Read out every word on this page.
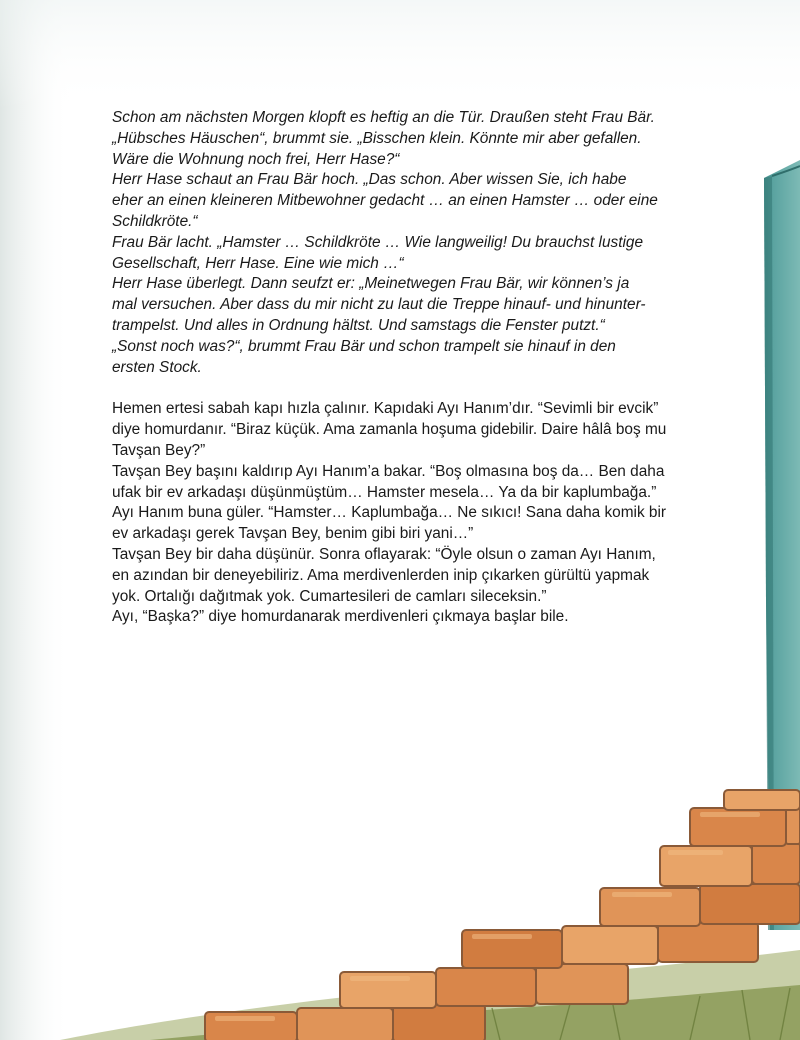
Schon am nächsten Morgen klopft es heftig an die Tür. Draußen steht Frau Bär.
„Hübsches Häuschen“, brummt sie. „Bisschen klein. Könnte mir aber gefallen.
Wäre die Wohnung noch frei, Herr Hase?“

Herr Hase schaut an Frau Bär hoch. „Das schon. Aber wissen Sie, ich habe
eher an einen kleineren Mitbewohner gedacht … an einen Hamster … oder eine
Schildkröte.“

Frau Bär lacht. „Hamster … Schildkröte … Wie langweilig! Du brauchst lustige
Gesellschaft, Herr Hase. Eine wie mich …“

Herr Hase überlegt. Dann seufzt er: „Meinetwegen Frau Bär, wir können’s ja
mal versuchen. Aber dass du mir nicht zu laut die Treppe hinauf- und hinunter-
trampelst. Und alles in Ordnung hältst. Und samstags die Fenster putzt.“

„Sonst noch was?“, brummt Frau Bär und schon trampelt sie hinauf in den
ersten Stock.

Hemen ertesi sabah kapı hızla çalınır. Kapıdaki Ayı Hanım’dır. “Sevimli bir evcik”
diye homurdanır. “Biraz küçük. Ama zamanla hoşuma gidebilir. Daire hâlâ boş mu
Tavşan Bey?”

Tavşan Bey başını kaldırıp Ayı Hanım’a bakar. “Boş olmasına boş da… Ben daha
ufak bir ev arkadaşı düşünmüştüm… Hamster mesela… Ya da bir kaplumbağa.”

Ayı Hanım buna güler. “Hamster… Kaplumbağa… Ne sıkıcı! Sana daha komik bir
ev arkadaşı gerek Tavşan Bey, benim gibi biri yani…”

Tavşan Bey bir daha düşünür. Sonra oflayarak: “Öyle olsun o zaman Ayı Hanım,
en azından bir deneyebiliriz. Ama merdivenlerden inip çıkarken gürültü yapmak
yok. Ortalığı dağıtmak yok. Cumartesileri de camları sileceksin.”

Ayı, “Başka?” diye homurdanarak merdivenleri çıkmaya başlar bile.
